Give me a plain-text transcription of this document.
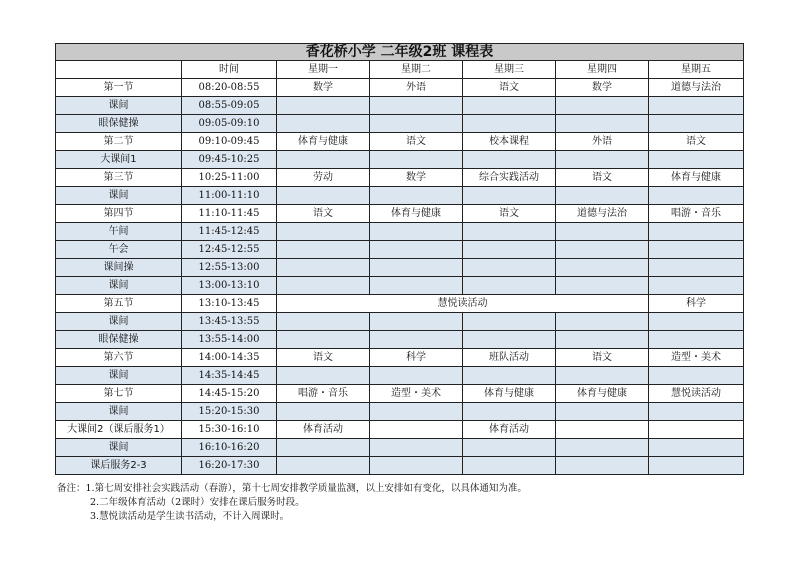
香花桥小学 二年级2班 课程表						
	时间	星期一	星期二	星期三	星期四	星期五
第一节	08:20-08:55	数学	外语	语文	数学	道德与法治
课间	08:55-09:05					
眼保健操	09:05-09:10					
第二节	09:10-09:45	体育与健康	语文	校本课程	外语	语文
大课间1	09:45-10:25					
第三节	10:25-11:00	劳动	数学	综合实践活动	语文	体育与健康
课间	11:00-11:10					
第四节	11:10-11:45	语文	体育与健康	语文	道德与法治	唱游・音乐
午间	11:45-12:45					
午会	12:45-12:55					
课间操	12:55-13:00					
课间	13:00-13:10					
第五节	13:10-13:45	慧悦读活动				科学
课间	13:45-13:55					
眼保健操	13:55-14:00					
第六节	14:00-14:35	语文	科学	班队活动	语文	造型・美术
课间	14:35-14:45					
第七节	14:45-15:20	唱游・音乐	造型・美术	体育与健康	体育与健康	慧悦读活动
课间	15:20-15:30					
大课间2（课后服务1）	15:30-16:10	体育活动		体育活动		
课间	16:10-16:20					
课后服务2-3	16:20-17:30					
备注：1.第七周安排社会实践活动（春游），第十七周安排教学质量监测，以上安排如有变化，以具体通知为准。
2.二年级体育活动（2课时）安排在课后服务时段。
3.慧悦读活动是学生读书活动，不计入周课时。
